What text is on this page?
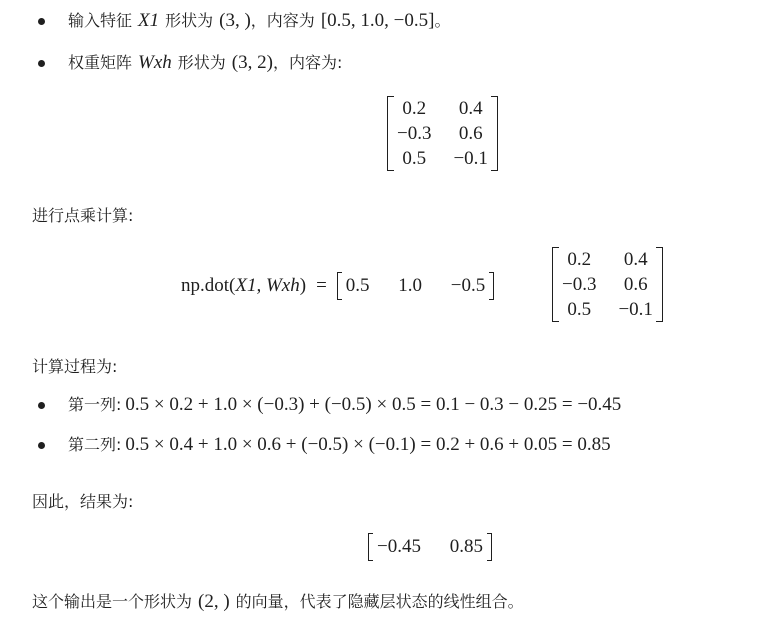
输入特征 X1 形状为 (3, ) ，内容为 [0.5, 1.0, −0.5] 。
权重矩阵 Wxh 形状为 (3, 2) ，内容为:
0.2 0.4
−0.3 0.6
0.5 −0.1
进行点乘计算:
np.dot( X1, Wxh ) = 0.5 1.0 −0.5
0.2 0.4
−0.3 0.6
0.5 −0.1
计算过程为:
第一列: 0.5 × 0.2 + 1.0 × (−0.3) + (−0.5) × 0.5 = 0.1 − 0.3 − 0.25 = −0.45
第二列: 0.5 × 0.4 + 1.0 × 0.6 + (−0.5) × (−0.1) = 0.2 + 0.6 + 0.05 = 0.85
因此，结果为:
−0.45 0.85
这个输出是一个形状为 (2, ) 的向量，代表了隐藏层状态的线性组合。
